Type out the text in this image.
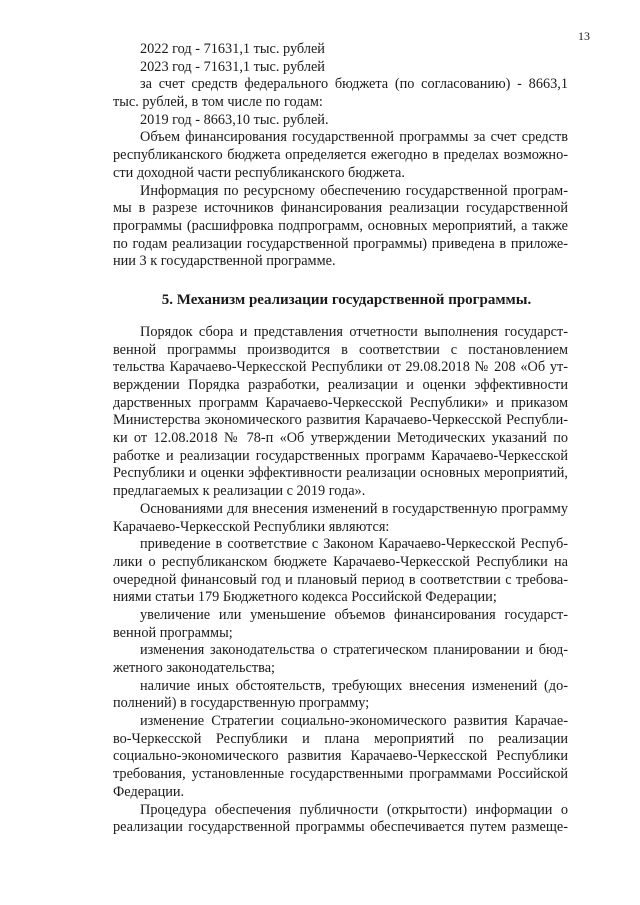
13
2022 год - 71631,1 тыс. рублей
2023 год - 71631,1 тыс. рублей
за счет средств федерального бюджета (по согласованию) - 8663,1
тыс. рублей, в том числе по годам:
2019 год - 8663,10 тыс. рублей.
Объем финансирования государственной программы за счет средств
республиканского бюджета определяется ежегодно в пределах возможно-
сти доходной части республиканского бюджета.
Информация по ресурсному обеспечению государственной програм-
мы в разрезе источников финансирования реализации государственной
программы (расшифровка подпрограмм, основных мероприятий, а также
по годам реализации государственной программы) приведена в приложе-
нии 3 к государственной программе.
5. Механизм реализации государственной программы.
Порядок сбора и представления отчетности выполнения государст-
венной программы производится в соответствии с постановлением
тельства Карачаево-Черкесской Республики от 29.08.2018 № 208 «Об ут-
верждении Порядка разработки, реализации и оценки эффективности
дарственных программ Карачаево-Черкесской Республики» и приказом
Министерства экономического развития Карачаево-Черкесской Республи-
ки от 12.08.2018 № 78-п «Об утверждении Методических указаний по
работке и реализации государственных программ Карачаево-Черкесской
Республики и оценки эффективности реализации основных мероприятий,
предлагаемых к реализации с 2019 года».
Основаниями для внесения изменений в государственную программу
Карачаево-Черкесской Республики являются:
приведение в соответствие с Законом Карачаево-Черкесской Респуб-
лики о республиканском бюджете Карачаево-Черкесской Республики на
очередной финансовый год и плановый период в соответствии с требова-
ниями статьи 179 Бюджетного кодекса Российской Федерации;
увеличение или уменьшение объемов финансирования государст-
венной программы;
изменения законодательства о стратегическом планировании и бюд-
жетного законодательства;
наличие иных обстоятельств, требующих внесения изменений (до-
полнений) в государственную программу;
изменение Стратегии социально-экономического развития Карачае-
во-Черкесской Республики и плана мероприятий по реализации
социально-экономического развития Карачаево-Черкесской Республики
требования, установленные государственными программами Российской
Федерации.
Процедура обеспечения публичности (открытости) информации о
реализации государственной программы обеспечивается путем размеще-
